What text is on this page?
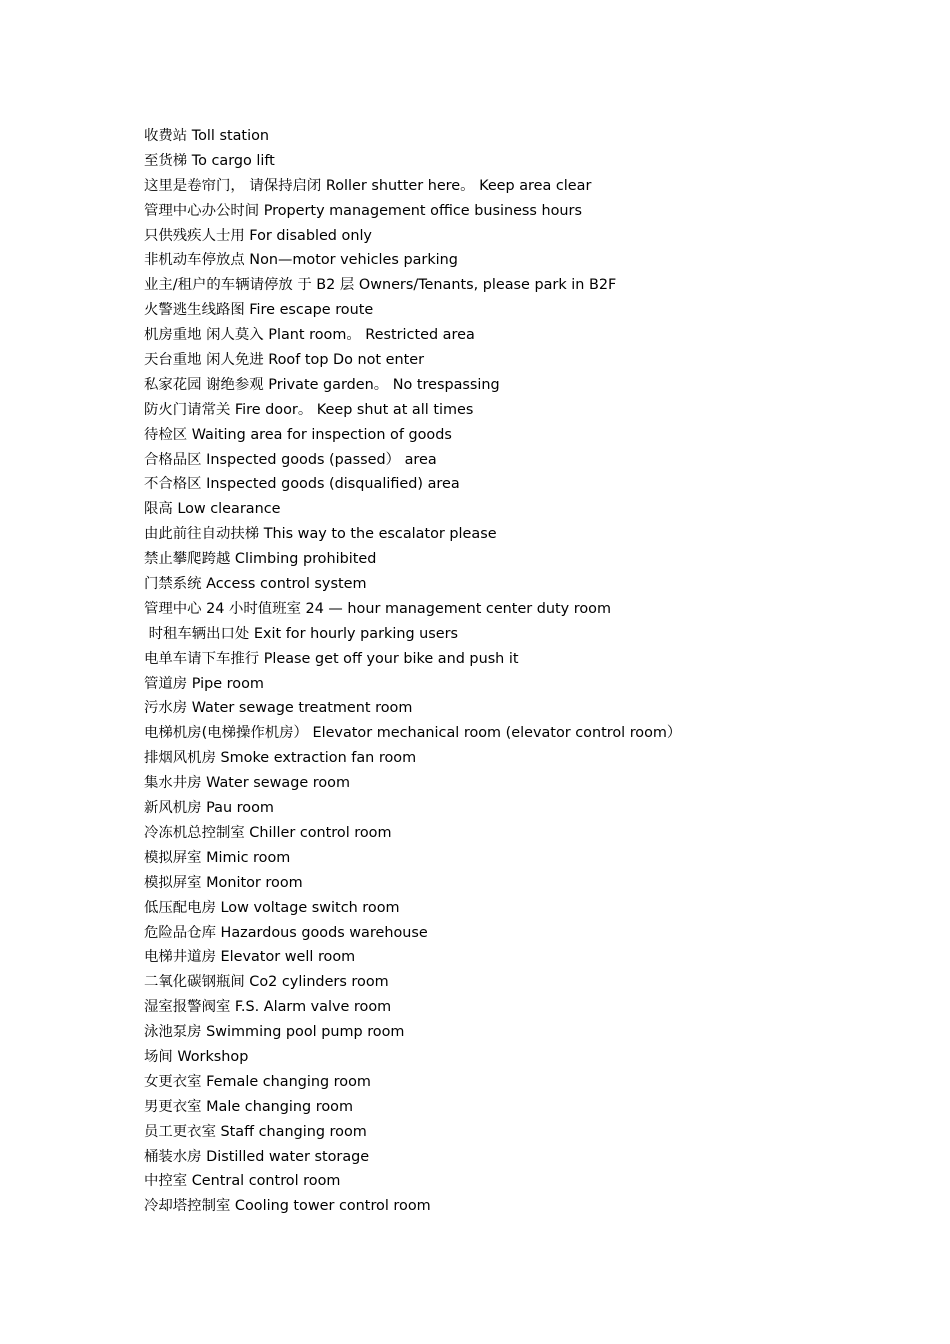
收费站 Toll station
至货梯 To cargo lift
这里是卷帘门， 请保持启闭 Roller shutter here。 Keep area clear
管理中心办公时间 Property management office business hours
只供残疾人士用 For disabled only
非机动车停放点 Non—motor vehicles parking
业主/租户的车辆请停放 于 B2 层 Owners/Tenants, please park in B2F
火警逃生线路图 Fire escape route
机房重地 闲人莫入 Plant room。 Restricted area
天台重地 闲人免进 Roof top Do not enter
私家花园 谢绝参观 Private garden。 No trespassing
防火门请常关 Fire door。 Keep shut at all times
待检区 Waiting area for inspection of goods
合格品区 Inspected goods (passed） area
不合格区 Inspected goods (disqualified) area
限高 Low clearance
由此前往自动扶梯 This way to the escalator please
禁止攀爬跨越 Climbing prohibited
门禁系统 Access control system
管理中心 24 小时值班室 24 — hour management center duty room
时租车辆出口处 Exit for hourly parking users
电单车请下车推行 Please get off your bike and push it
管道房 Pipe room
污水房 Water sewage treatment room
电梯机房(电梯操作机房） Elevator mechanical room (elevator control room）
排烟风机房 Smoke extraction fan room
集水井房 Water sewage room
新风机房 Pau room
冷冻机总控制室 Chiller control room
模拟屏室 Mimic room
模拟屏室 Monitor room
低压配电房 Low voltage switch room
危险品仓库 Hazardous goods warehouse
电梯井道房 Elevator well room
二氧化碳钢瓶间 Co2 cylinders room
湿室报警阀室 F.S. Alarm valve room
泳池泵房 Swimming pool pump room
场间 Workshop
女更衣室 Female changing room
男更衣室 Male changing room
员工更衣室 Staff changing room
桶装水房 Distilled water storage
中控室 Central control room
冷却塔控制室 Cooling tower control room
